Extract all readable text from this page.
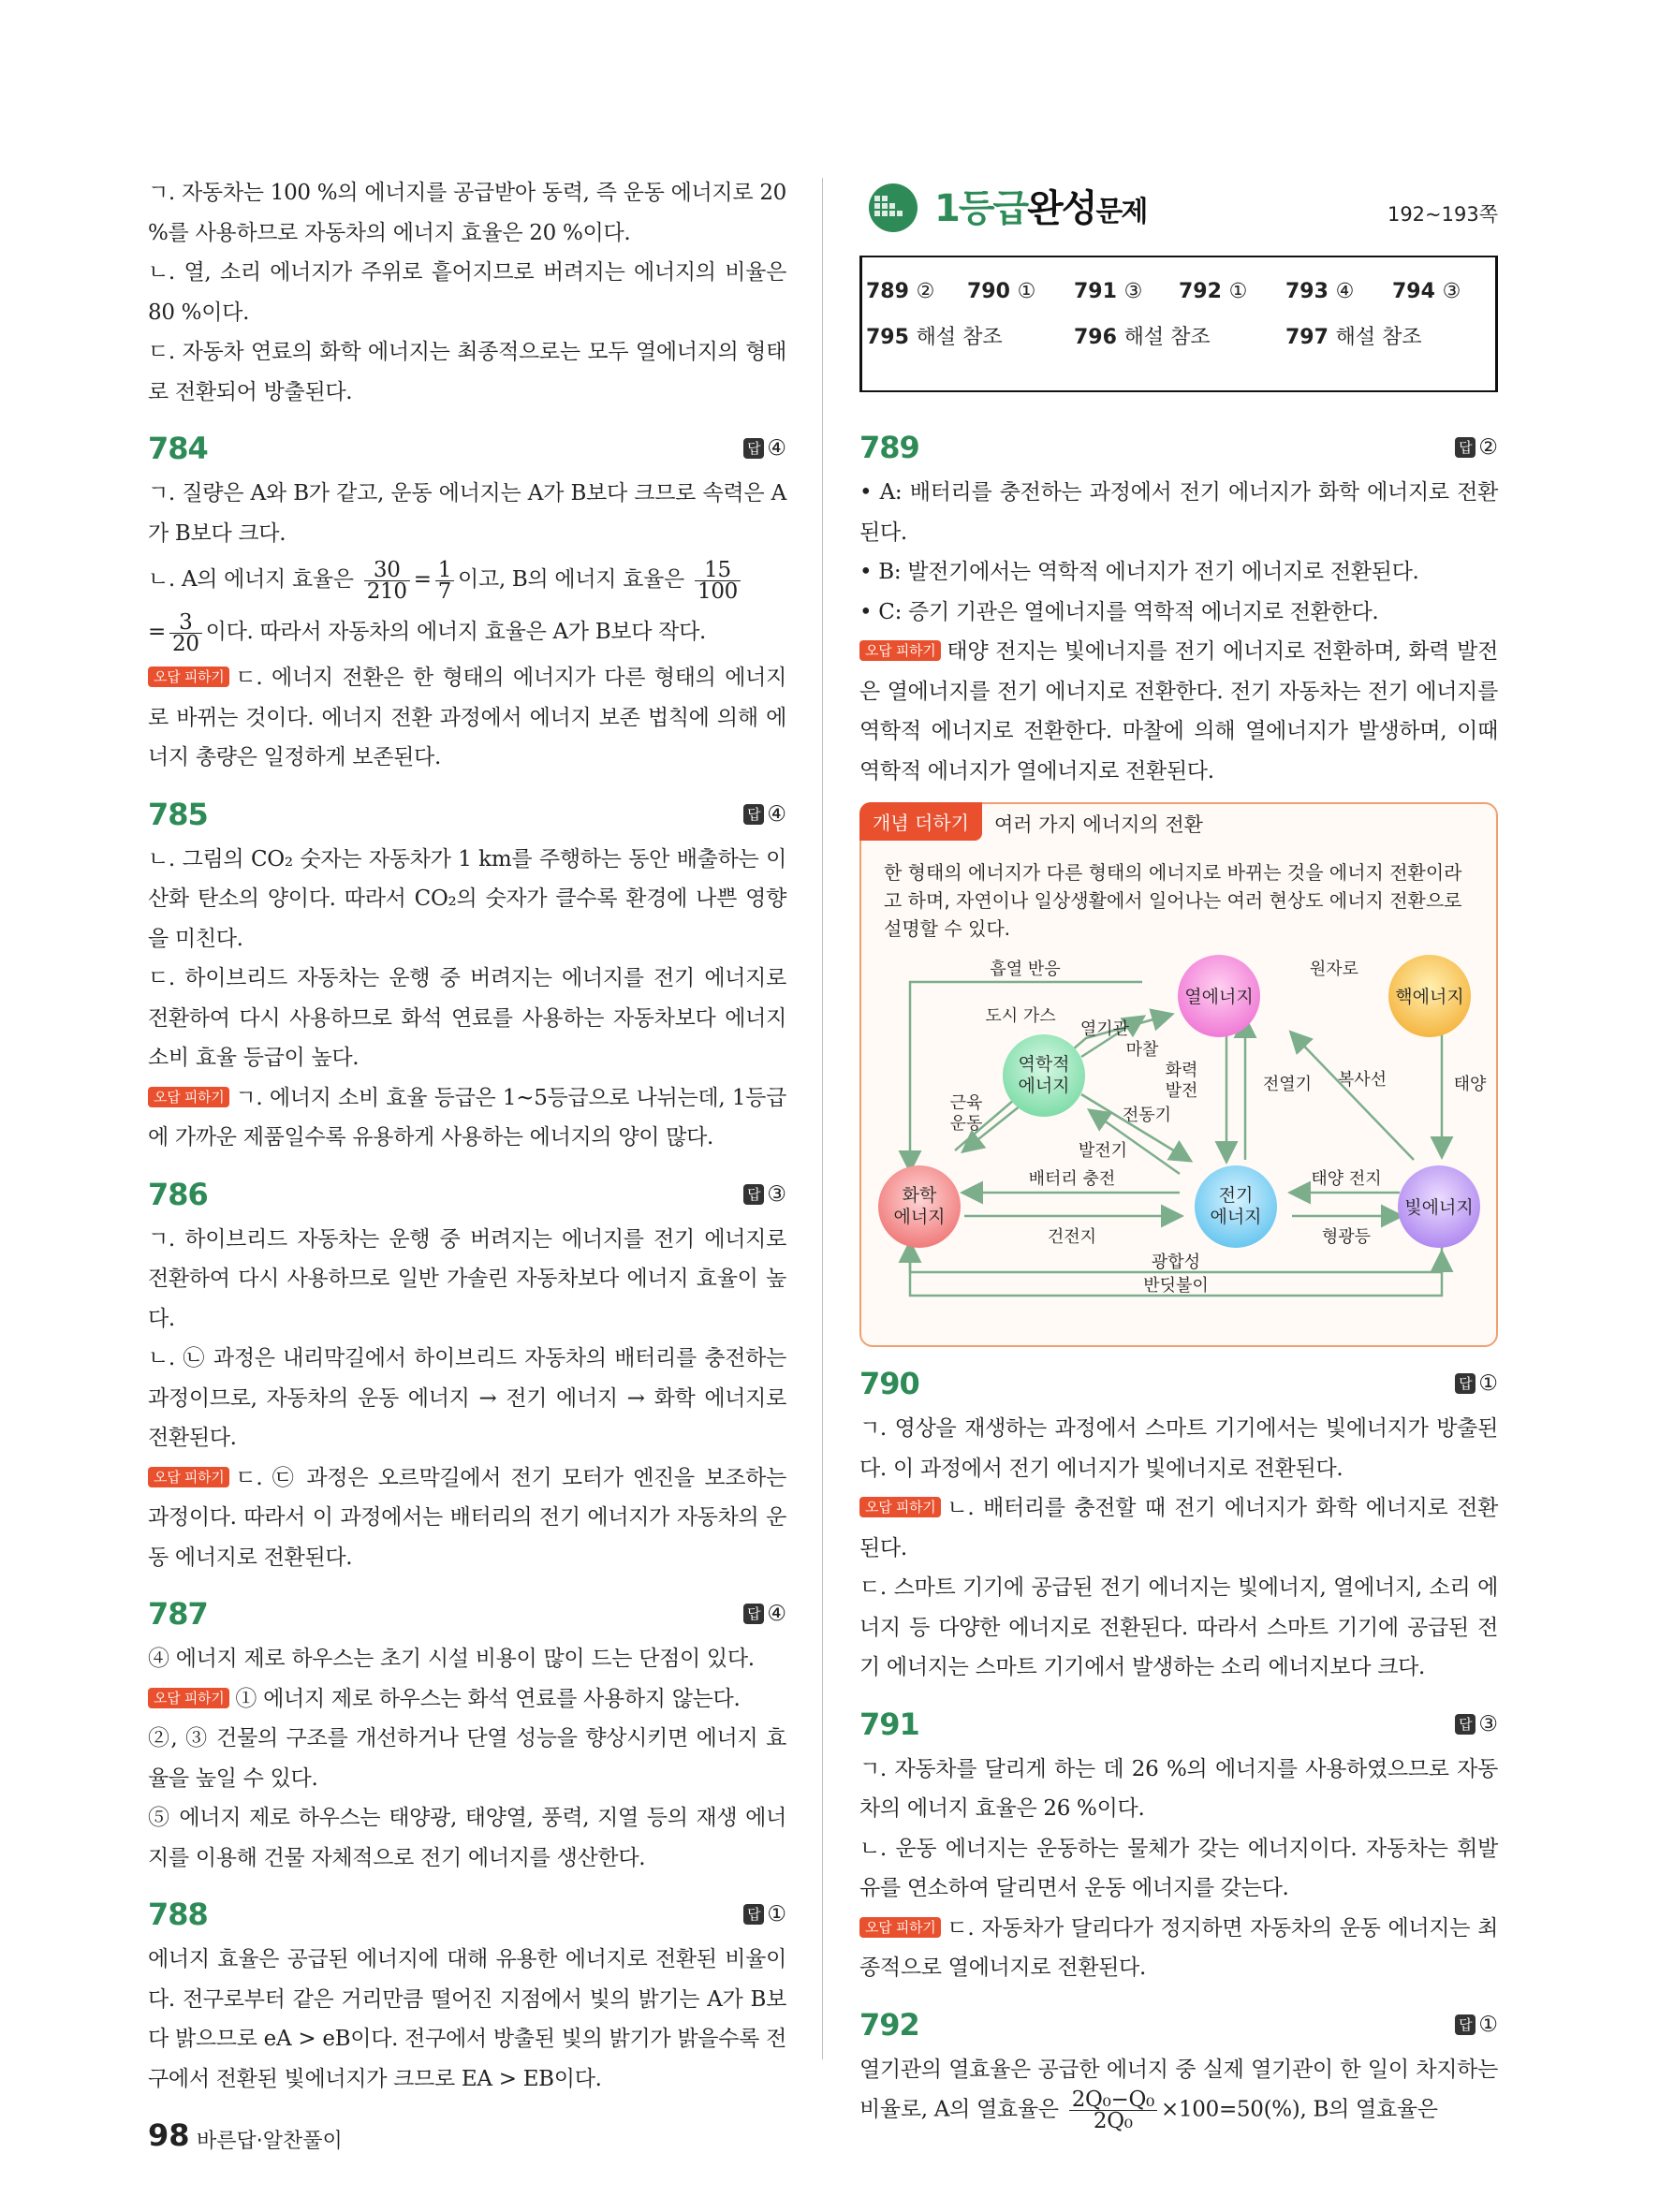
ㄱ. 자동차는 100 %의 에너지를 공급받아 동력, 즉 운동 에너지로 20 %를 사용하므로 자동차의 에너지 효율은 20 %이다.

ㄴ. 열, 소리 에너지가 주위로 흩어지므로 버려지는 에너지의 비율은 80 %이다.

ㄷ. 자동차 연료의 화학 에너지는 최종적으로는 모두 열에너지의 형태로 전환되어 방출된다.

784	답 ④

ㄱ. 질량은 A와 B가 같고, 운동 에너지는 A가 B보다 크므로 속력은 A가 B보다 크다.

ㄴ. A의 에너지 효율은 $\frac{30}{210} = \frac{1}{7}$ 이고, B의 에너지 효율은 $\frac{15}{100}$

= $\frac{3}{20}$ 이다. 따라서 자동차의 에너지 효율은 A가 B보다 작다.

오답 피하기 ㄷ. 에너지 전환은 한 형태의 에너지가 다른 형태의 에너지로 바뀌는 것이다. 에너지 전환 과정에서 에너지 보존 법칙에 의해 에너지 총량은 일정하게 보존된다.

785	답 ④

ㄴ. 그림의 CO₂ 숫자는 자동차가 1 km를 주행하는 동안 배출하는 이산화 탄소의 양이다. 따라서 CO₂의 숫자가 클수록 환경에 나쁜 영향을 미친다.

ㄷ. 하이브리드 자동차는 운행 중 버려지는 에너지를 전기 에너지로 전환하여 다시 사용하므로 화석 연료를 사용하는 자동차보다 에너지 소비 효율 등급이 높다.

오답 피하기 ㄱ. 에너지 소비 효율 등급은 1~5등급으로 나뉘는데, 1등급에 가까운 제품일수록 유용하게 사용하는 에너지의 양이 많다.

786	답 ③

ㄱ. 하이브리드 자동차는 운행 중 버려지는 에너지를 전기 에너지로 전환하여 다시 사용하므로 일반 가솔린 자동차보다 에너지 효율이 높다.

ㄴ. ㉡ 과정은 내리막길에서 하이브리드 자동차의 배터리를 충전하는 과정이므로, 자동차의 운동 에너지 → 전기 에너지 → 화학 에너지로 전환된다.

오답 피하기 ㄷ. ㉢ 과정은 오르막길에서 전기 모터가 엔진을 보조하는 과정이다. 따라서 이 과정에서는 배터리의 전기 에너지가 자동차의 운동 에너지로 전환된다.

787	답 ④

④ 에너지 제로 하우스는 초기 시설 비용이 많이 드는 단점이 있다.

오답 피하기 ① 에너지 제로 하우스는 화석 연료를 사용하지 않는다.

②, ③ 건물의 구조를 개선하거나 단열 성능을 향상시키면 에너지 효율을 높일 수 있다.

⑤ 에너지 제로 하우스는 태양광, 태양열, 풍력, 지열 등의 재생 에너지를 이용해 건물 자체적으로 전기 에너지를 생산한다.

788	답 ①

에너지 효율은 공급된 에너지에 대해 유용한 에너지로 전환된 비율이다. 전구로부터 같은 거리만큼 떨어진 지점에서 빛의 밝기는 A가 B보다 밝으므로 eA > eB이다. 전구에서 방출된 빛의 밝기가 밝을수록 전구에서 전환된 빛에너지가 크므로 EA > EB이다.

1등급완성문제	192~193쪽
789 ② 790 ① 791 ③ 792 ① 793 ④ 794 ③
795 해설 참조	796 해설 참조	797 해설 참조
789	답 ②

• A: 배터리를 충전하는 과정에서 전기 에너지가 화학 에너지로 전환된다.

• B: 발전기에서는 역학적 에너지가 전기 에너지로 전환된다.

• C: 증기 기관은 열에너지를 역학적 에너지로 전환한다.

오답 피하기 태양 전지는 빛에너지를 전기 에너지로 전환하며, 화력 발전은 열에너지를 전기 에너지로 전환한다. 전기 자동차는 전기 에너지를 역학적 에너지로 전환한다. 마찰에 의해 열에너지가 발생하며, 이때 역학적 에너지가 열에너지로 전환된다.

개념 더하기	여러 가지 에너지의 전환
한 형태의 에너지가 다른 형태의 에너지로 바뀌는 것을 에너지 전환이라고 하며, 자연이나 일상생활에서 일어나는 여러 현상도 에너지 전환으로 설명할 수 있다.
열에너지	핵에너지
역학적
에너지
화학
에너지
전기
에너지	빛에너지
흡열 반응	원자로
도시 가스
열기관
마찰
화력
발전	전열기
근육
운동	전동기
발전기
복사선	태양
배터리 충전
건전지
태양 전지
형광등
광합성
반딧불이
790	답 ①

ㄱ. 영상을 재생하는 과정에서 스마트 기기에서는 빛에너지가 방출된다. 이 과정에서 전기 에너지가 빛에너지로 전환된다.

오답 피하기 ㄴ. 배터리를 충전할 때 전기 에너지가 화학 에너지로 전환된다.

ㄷ. 스마트 기기에 공급된 전기 에너지는 빛에너지, 열에너지, 소리 에너지 등 다양한 에너지로 전환된다. 따라서 스마트 기기에 공급된 전기 에너지는 스마트 기기에서 발생하는 소리 에너지보다 크다.

791	답 ③

ㄱ. 자동차를 달리게 하는 데 26 %의 에너지를 사용하였으므로 자동차의 에너지 효율은 26 %이다.

ㄴ. 운동 에너지는 운동하는 물체가 갖는 에너지이다. 자동차는 휘발유를 연소하여 달리면서 운동 에너지를 갖는다.

오답 피하기 ㄷ. 자동차가 달리다가 정지하면 자동차의 운동 에너지는 최종적으로 열에너지로 전환된다.

792	답 ①

열기관의 열효율은 공급한 에너지 중 실제 열기관이 한 일이 차지하는 비율로, A의 열효율은 $\frac{\text{2Q₀−Q₀}}{\text{2Q₀}} \times 100=50(\%)$, B의 열효율은

98 바른답·알찬풀이
